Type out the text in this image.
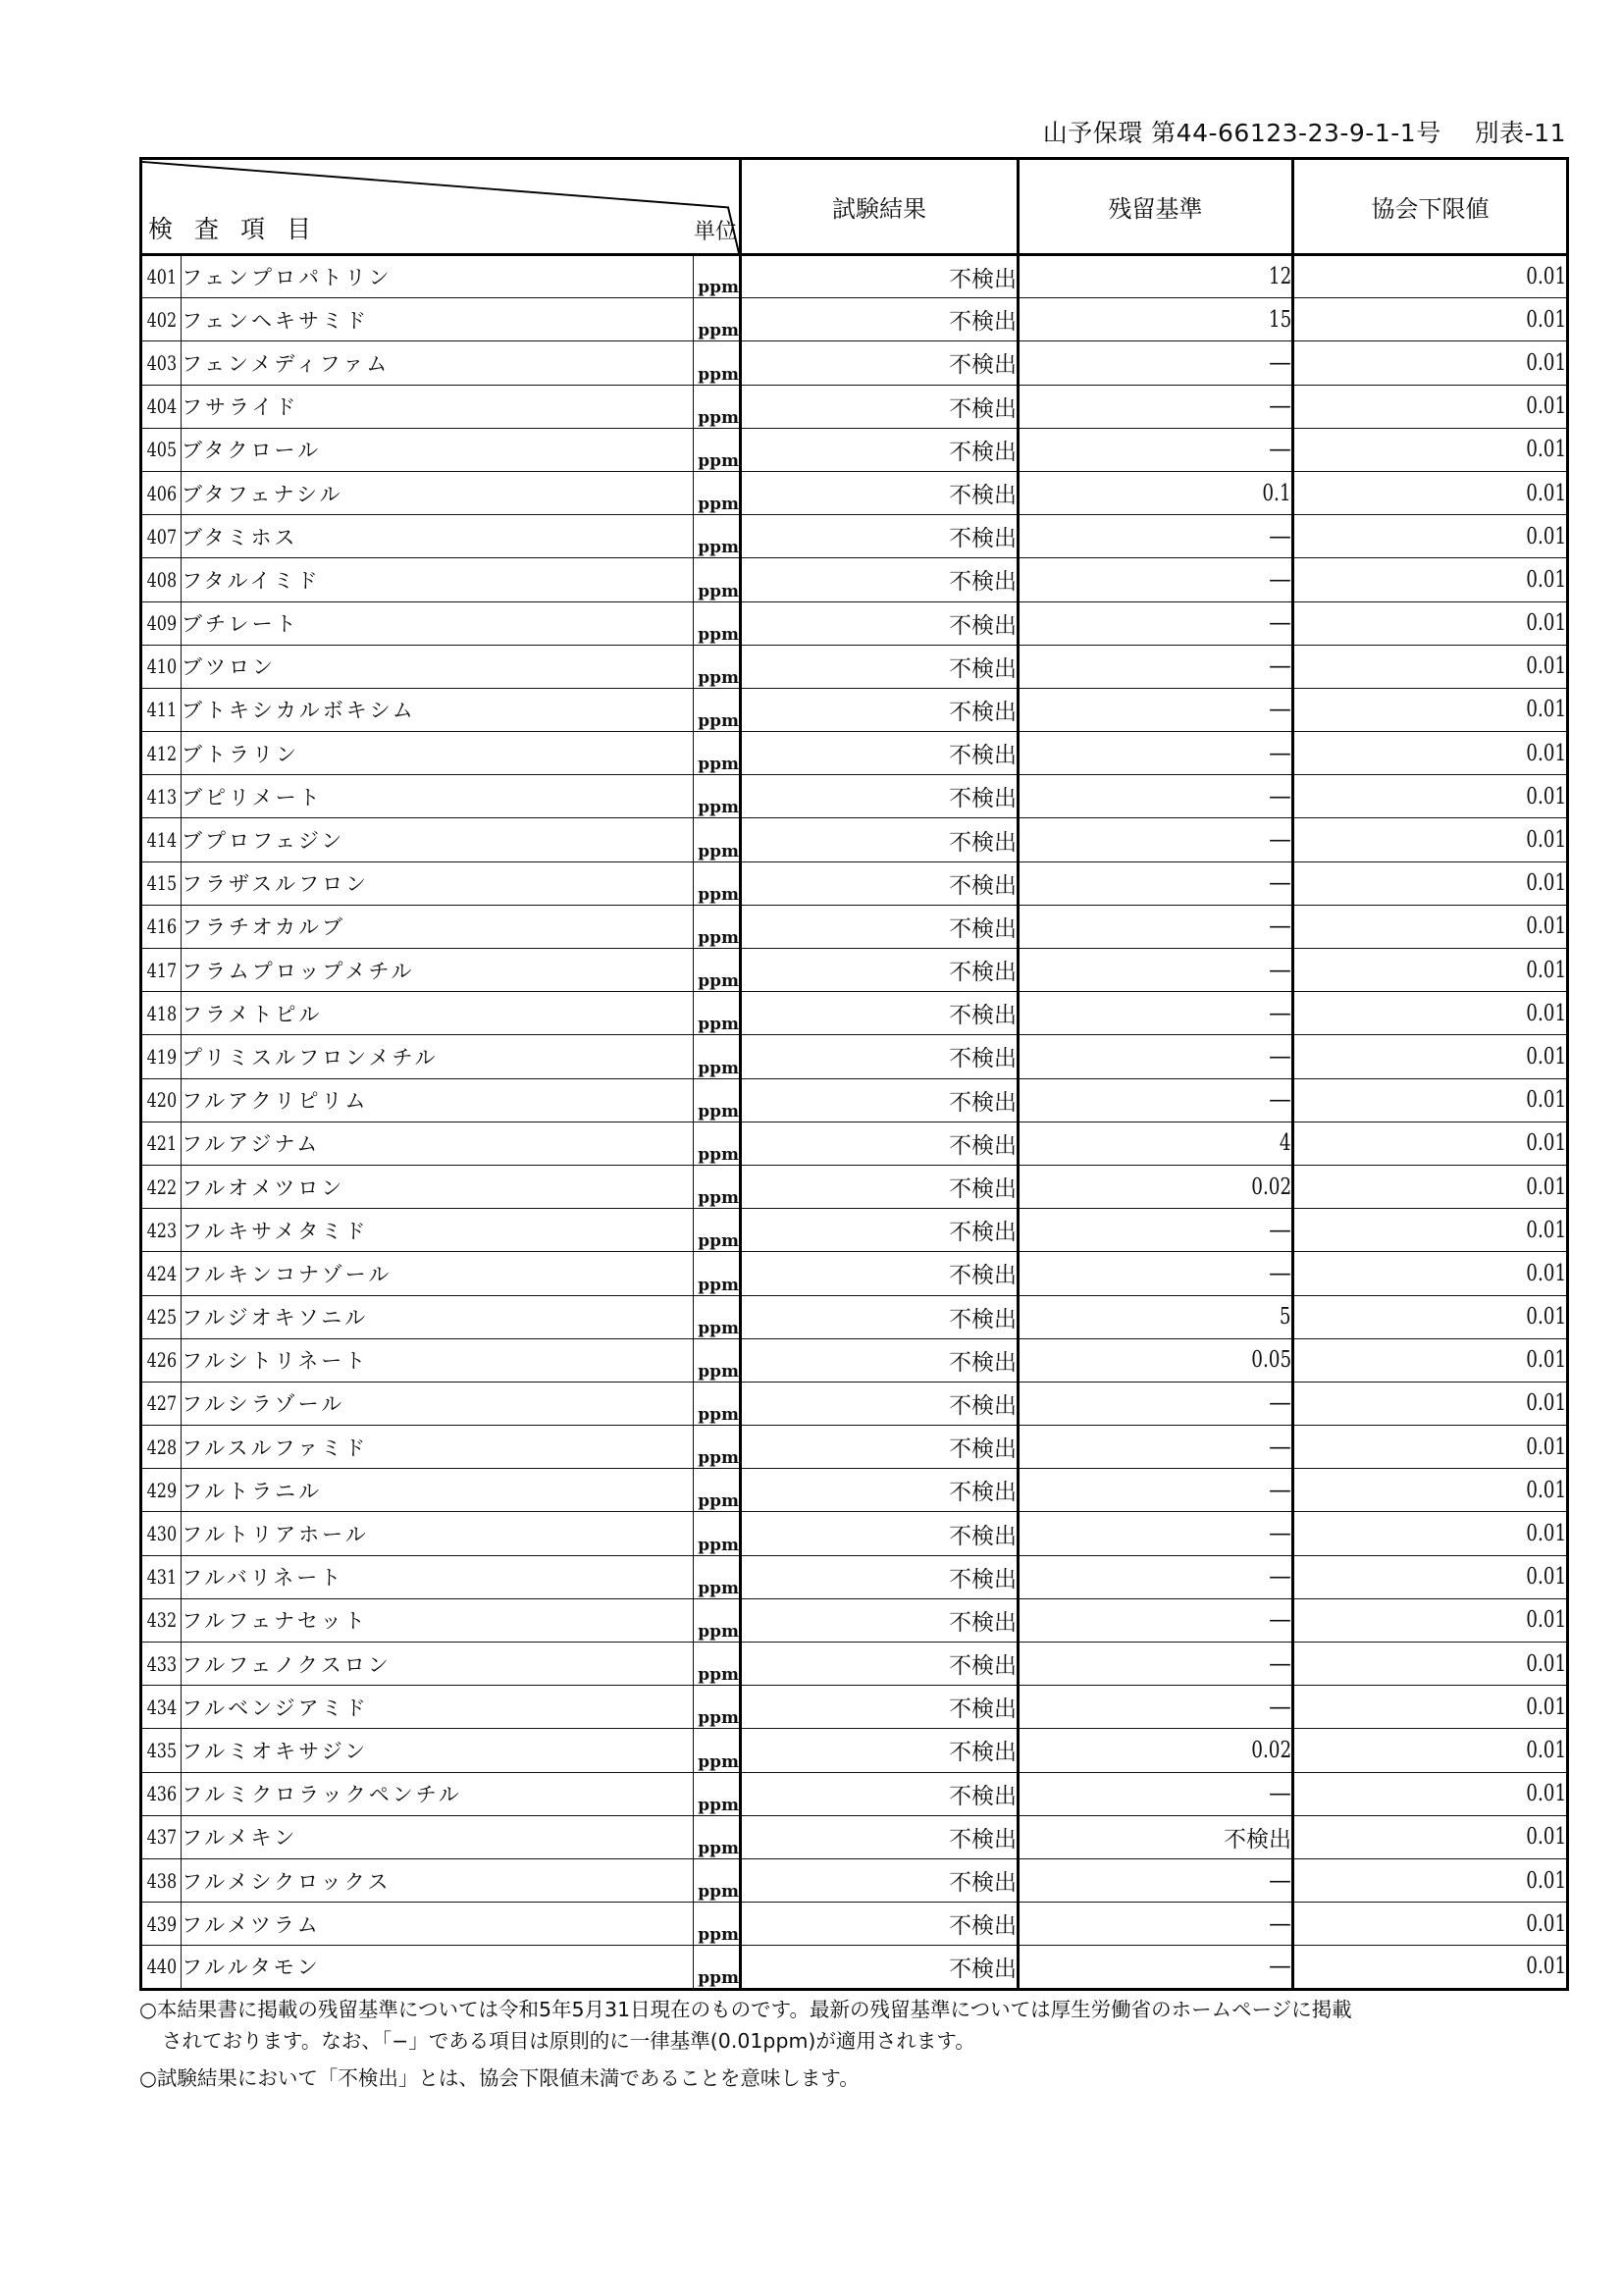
山予保環 第44-66123-23-9-1-1号 別表-11
検査項目 単位			試験結果	残留基準	協会下限値
401	フェンプロパトリン	ppm	不検出	12	0.01
402	フェンヘキサミド	ppm	不検出	15	0.01
403	フェンメディファム	ppm	不検出	—	0.01
404	フサライド	ppm	不検出	—	0.01
405	ブタクロール	ppm	不検出	—	0.01
406	ブタフェナシル	ppm	不検出	0.1	0.01
407	ブタミホス	ppm	不検出	—	0.01
408	フタルイミド	ppm	不検出	—	0.01
409	ブチレート	ppm	不検出	—	0.01
410	ブツロン	ppm	不検出	—	0.01
411	ブトキシカルボキシム	ppm	不検出	—	0.01
412	ブトラリン	ppm	不検出	—	0.01
413	ブピリメート	ppm	不検出	—	0.01
414	ブプロフェジン	ppm	不検出	—	0.01
415	フラザスルフロン	ppm	不検出	—	0.01
416	フラチオカルブ	ppm	不検出	—	0.01
417	フラムプロップメチル	ppm	不検出	—	0.01
418	フラメトピル	ppm	不検出	—	0.01
419	プリミスルフロンメチル	ppm	不検出	—	0.01
420	フルアクリピリム	ppm	不検出	—	0.01
421	フルアジナム	ppm	不検出	4	0.01
422	フルオメツロン	ppm	不検出	0.02	0.01
423	フルキサメタミド	ppm	不検出	—	0.01
424	フルキンコナゾール	ppm	不検出	—	0.01
425	フルジオキソニル	ppm	不検出	5	0.01
426	フルシトリネート	ppm	不検出	0.05	0.01
427	フルシラゾール	ppm	不検出	—	0.01
428	フルスルファミド	ppm	不検出	—	0.01
429	フルトラニル	ppm	不検出	—	0.01
430	フルトリアホール	ppm	不検出	—	0.01
431	フルバリネート	ppm	不検出	—	0.01
432	フルフェナセット	ppm	不検出	—	0.01
433	フルフェノクスロン	ppm	不検出	—	0.01
434	フルベンジアミド	ppm	不検出	—	0.01
435	フルミオキサジン	ppm	不検出	0.02	0.01
436	フルミクロラックペンチル	ppm	不検出	—	0.01
437	フルメキン	ppm	不検出	不検出	0.01
438	フルメシクロックス	ppm	不検出	—	0.01
439	フルメツラム	ppm	不検出	—	0.01
440	フルルタモン	ppm	不検出	—	0.01

○本結果書に掲載の残留基準については令和5年5月31日現在のものです。最新の残留基準については厚生労働省のホームページに掲載

されております。なお、「−」である項目は原則的に一律基準(0.01ppm)が適用されます。

○試験結果において「不検出」とは、協会下限値未満であることを意味します。
